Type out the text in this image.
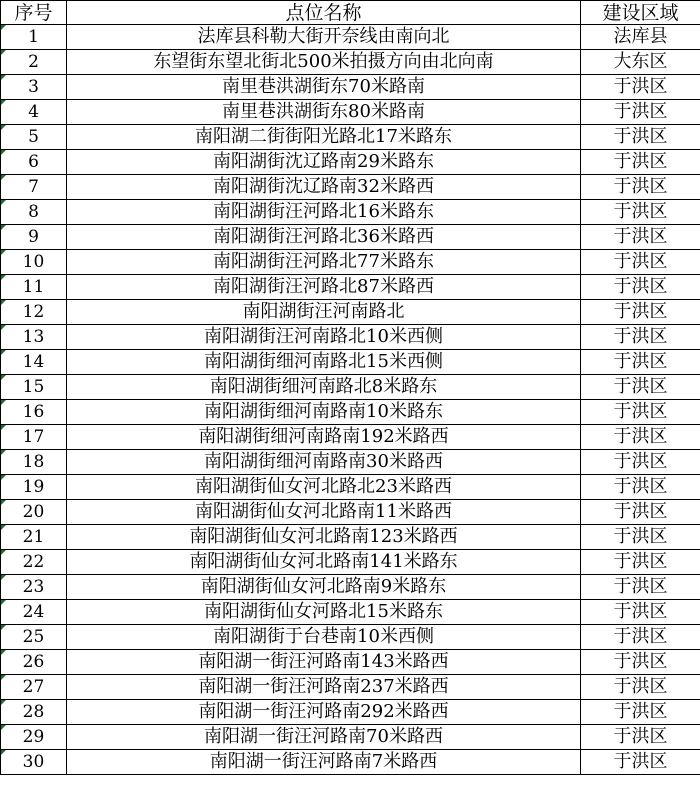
序号	点位名称	建设区域

1	法库县科勒大街开奈线由南向北	法库县

2	东望街东望北街北500米拍摄方向由北向南	大东区

3	南里巷洪湖街东70米路南	于洪区

4	南里巷洪湖街东80米路南	于洪区

5	南阳湖二街街阳光路北17米路东	于洪区

6	南阳湖街沈辽路南29米路东	于洪区

7	南阳湖街沈辽路南32米路西	于洪区

8	南阳湖街汪河路北16米路东	于洪区

9	南阳湖街汪河路北36米路西	于洪区

10	南阳湖街汪河路北77米路东	于洪区

11	南阳湖街汪河路北87米路西	于洪区

12	南阳湖街汪河南路北	于洪区

13	南阳湖街汪河南路北10米西侧	于洪区

14	南阳湖街细河南路北15米西侧	于洪区

15	南阳湖街细河南路北8米路东	于洪区

16	南阳湖街细河南路南10米路东	于洪区

17	南阳湖街细河南路南192米路西	于洪区

18	南阳湖街细河南路南30米路西	于洪区

19	南阳湖街仙女河北路北23米路西	于洪区

20	南阳湖街仙女河北路南11米路西	于洪区

21	南阳湖街仙女河北路南123米路西	于洪区

22	南阳湖街仙女河北路南141米路东	于洪区

23	南阳湖街仙女河北路南9米路东	于洪区

24	南阳湖街仙女河路北15米路东	于洪区

25	南阳湖街于台巷南10米西侧	于洪区

26	南阳湖一街汪河路南143米路西	于洪区

27	南阳湖一街汪河路南237米路西	于洪区

28	南阳湖一街汪河路南292米路西	于洪区

29	南阳湖一街汪河路南70米路西	于洪区

30	南阳湖一街汪河路南7米路西	于洪区
